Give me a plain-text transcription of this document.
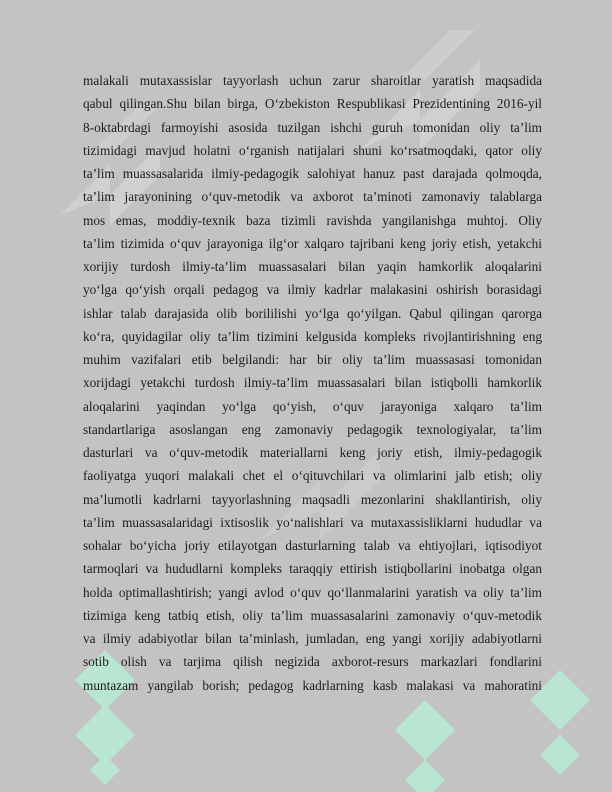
malakali mutaxassislar tayyorlash uchun zarur sharoitlar yaratish maqsadida
qabul qilingan.Shu bilan birga, O‘zbekiston Respublikasi Prezidentining 2016-yil
8-oktabrdagi farmoyishi asosida tuzilgan ishchi guruh tomonidan oliy ta’lim
tizimidagi mavjud holatni o‘rganish natijalari shuni ko‘rsatmoqdaki, qator oliy
ta’lim muassasalarida ilmiy-pedagogik salohiyat hanuz past darajada qolmoqda,
ta’lim jarayonining o‘quv-metodik va axborot ta’minoti zamonaviy talablarga
mos emas, moddiy-texnik baza tizimli ravishda yangilanishga muhtoj. Oliy
ta’lim tizimida o‘quv jarayoniga ilg‘or xalqaro tajribani keng joriy etish, yetakchi
xorijiy turdosh ilmiy-ta’lim muassasalari bilan yaqin hamkorlik aloqalarini
yo‘lga qo‘yish orqali pedagog va ilmiy kadrlar malakasini oshirish borasidagi
ishlar talab darajasida olib borililishi yo‘lga qo‘yilgan. Qabul qilingan qarorga
ko‘ra, quyidagilar oliy ta’lim tizimini kelgusida kompleks rivojlantirishning eng
muhim vazifalari etib belgilandi: har bir oliy ta’lim muassasasi tomonidan
xorijdagi yetakchi turdosh ilmiy-ta’lim muassasalari bilan istiqbolli hamkorlik
aloqalarini yaqindan yo‘lga qo‘yish, o‘quv jarayoniga xalqaro ta’lim
standartlariga asoslangan eng zamonaviy pedagogik texnologiyalar, ta’lim
dasturlari va o‘quv-metodik materiallarni keng joriy etish, ilmiy-pedagogik
faoliyatga yuqori malakali chet el o‘qituvchilari va olimlarini jalb etish; oliy
ma’lumotli kadrlarni tayyorlashning maqsadli mezonlarini shakllantirish, oliy
ta’lim muassasalaridagi ixtisoslik yo‘nalishlari va mutaxassisliklarni hududlar va
sohalar bo‘yicha joriy etilayotgan dasturlarning talab va ehtiyojlari, iqtisodiyot
tarmoqlari va hududlarni kompleks taraqqiy ettirish istiqbollarini inobatga olgan
holda optimallashtirish; yangi avlod o‘quv qo‘llanmalarini yaratish va oliy ta’lim
tizimiga keng tatbiq etish, oliy ta’lim muassasalarini zamonaviy o‘quv-metodik
va ilmiy adabiyotlar bilan ta’minlash, jumladan, eng yangi xorijiy adabiyotlarni
sotib olish va tarjima qilish negizida axborot-resurs markazlari fondlarini
muntazam yangilab borish; pedagog kadrlarning kasb malakasi va mahoratini
